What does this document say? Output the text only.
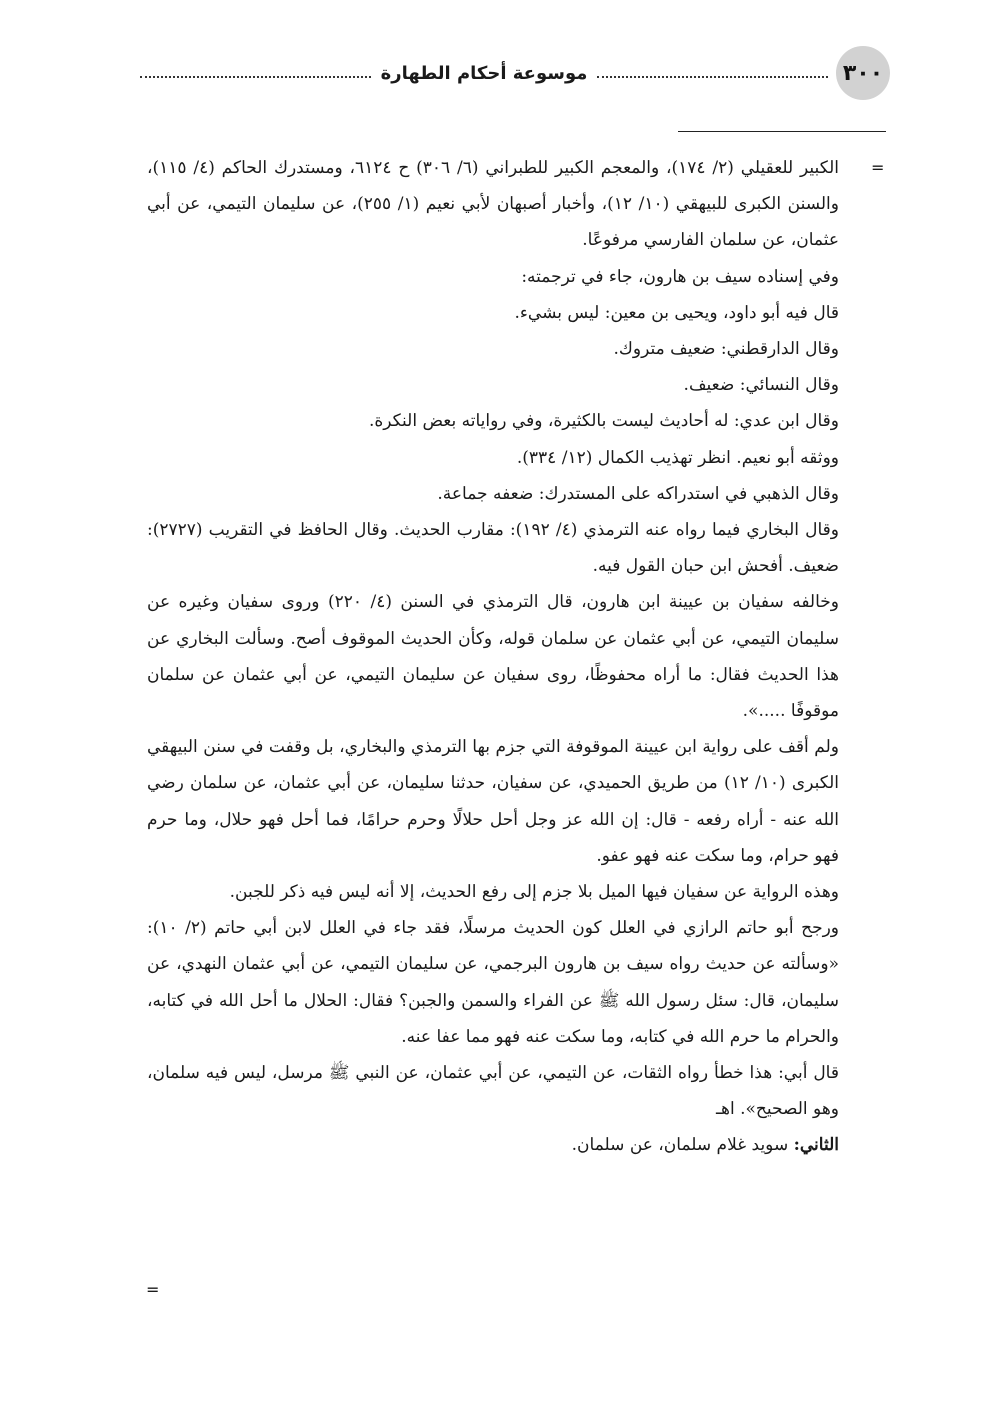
٣٠٠
موسوعة أحكام الطهارة
=

الكبير للعقيلي (٢/ ١٧٤)، والمعجم الكبير للطبراني (٦/ ٣٠٦) ح ٦١٢٤، ومستدرك الحاكم (٤/ ١١٥)، والسنن الكبرى للبيهقي (١٠/ ١٢)، وأخبار أصبهان لأبي نعيم (١/ ٢٥٥)، عن سليمان التيمي، عن أبي عثمان، عن سلمان الفارسي مرفوعًا.

وفي إسناده سيف بن هارون، جاء في ترجمته:

قال فيه أبو داود، ويحيى بن معين: ليس بشيء.

وقال الدارقطني: ضعيف متروك.

وقال النسائي: ضعيف.

وقال ابن عدي: له أحاديث ليست بالكثيرة، وفي رواياته بعض النكرة.

ووثقه أبو نعيم. انظر تهذيب الكمال (١٢/ ٣٣٤).

وقال الذهبي في استدراكه على المستدرك: ضعفه جماعة.

وقال البخاري فيما رواه عنه الترمذي (٤/ ١٩٢): مقارب الحديث. وقال الحافظ في التقريب (٢٧٢٧): ضعيف. أفحش ابن حبان القول فيه.

وخالفه سفيان بن عيينة ابن هارون، قال الترمذي في السنن (٤/ ٢٢٠) وروى سفيان وغيره عن سليمان التيمي، عن أبي عثمان عن سلمان قوله، وكأن الحديث الموقوف أصح. وسألت البخاري عن هذا الحديث فقال: ما أراه محفوظًا، روى سفيان عن سليمان التيمي، عن أبي عثمان عن سلمان موقوفًا .....».

ولم أقف على رواية ابن عيينة الموقوفة التي جزم بها الترمذي والبخاري، بل وقفت في سنن البيهقي الكبرى (١٠/ ١٢) من طريق الحميدي، عن سفيان، حدثنا سليمان، عن أبي عثمان، عن سلمان رضي الله عنه - أراه رفعه - قال: إن الله عز وجل أحل حلالًا وحرم حرامًا، فما أحل فهو حلال، وما حرم فهو حرام، وما سكت عنه فهو عفو.

وهذه الرواية عن سفيان فيها الميل بلا جزم إلى رفع الحديث، إلا أنه ليس فيه ذكر للجبن.

ورجح أبو حاتم الرازي في العلل كون الحديث مرسلًا، فقد جاء في العلل لابن أبي حاتم (٢/ ١٠): «وسألته عن حديث رواه سيف بن هارون البرجمي، عن سليمان التيمي، عن أبي عثمان النهدي، عن سليمان، قال: سئل رسول الله ﷺ عن الفراء والسمن والجبن؟ فقال: الحلال ما أحل الله في كتابه، والحرام ما حرم الله في كتابه، وما سكت عنه فهو مما عفا عنه.

قال أبي: هذا خطأ رواه الثقات، عن التيمي، عن أبي عثمان، عن النبي ﷺ مرسل، ليس فيه سلمان، وهو الصحيح». اهـ

الثاني: سويد غلام سلمان، عن سلمان.

=
